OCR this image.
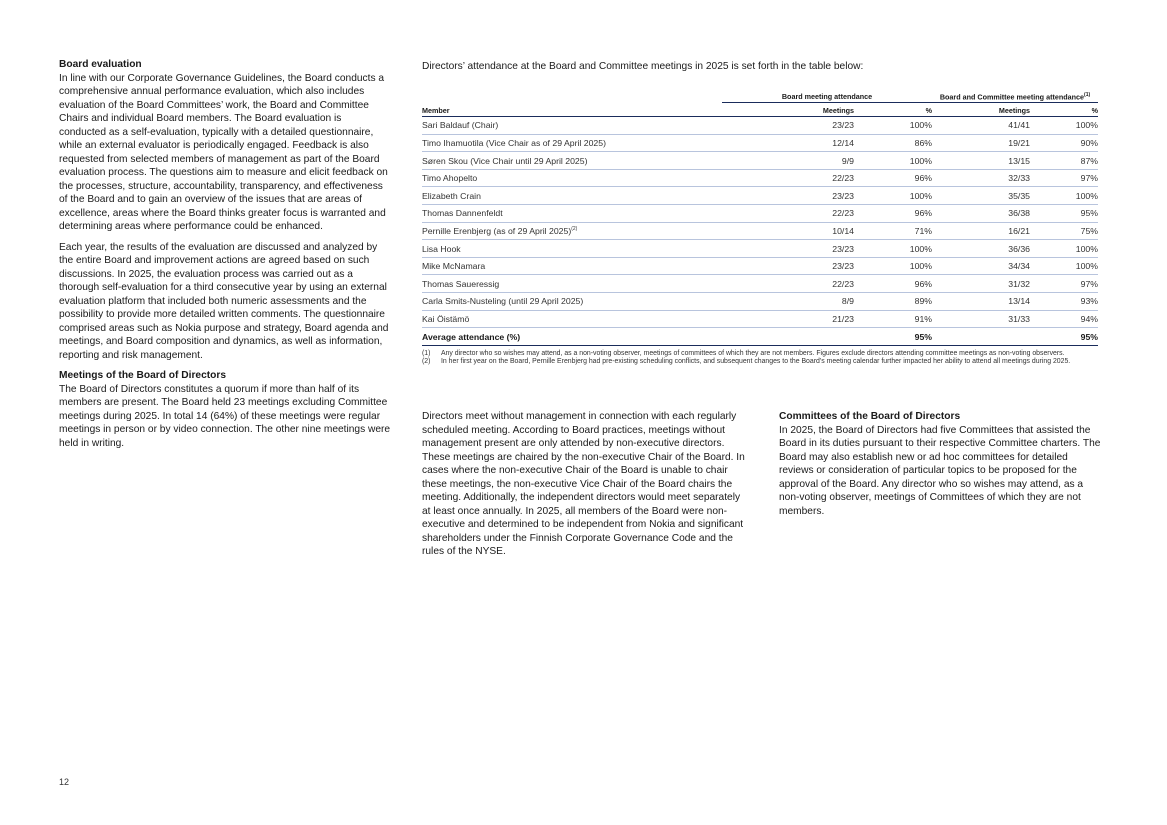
Board evaluation

In line with our Corporate Governance Guidelines, the Board conducts a comprehensive annual performance evaluation, which also includes evaluation of the Board Committees’ work, the Board and Committee Chairs and individual Board members. The Board evaluation is conducted as a self-evaluation, typically with a detailed questionnaire, while an external evaluator is periodically engaged. Feedback is also requested from selected members of management as part of the Board evaluation process. The questions aim to measure and elicit feedback on the processes, structure, accountability, transparency, and effectiveness of the Board and to gain an overview of the issues that are areas of excellence, areas where the Board thinks greater focus is warranted and determining areas where performance could be enhanced.

Each year, the results of the evaluation are discussed and analyzed by the entire Board and improvement actions are agreed based on such discussions. In 2025, the evaluation process was carried out as a thorough self-evaluation for a third consecutive year by using an external evaluation platform that included both numeric assessments and the possibility to provide more detailed written comments. The questionnaire comprised areas such as Nokia purpose and strategy, Board agenda and meetings, and Board composition and dynamics, as well as information, reporting and risk management.

Meetings of the Board of Directors

The Board of Directors constitutes a quorum if more than half of its members are present. The Board held 23 meetings excluding Committee meetings during 2025. In total 14 (64%) of these meetings were regular meetings in person or by video connection. The other nine meetings were held in writing.

Directors’ attendance at the Board and Committee meetings in 2025 is set forth in the table below:
	Board meeting attendance		Board and Committee meeting attendance$^{(1)}$
Member	Meetings	%	Meetings	%
Sari Baldauf (Chair)	23/23	100%	41/41	100%
Timo Ihamuotila (Vice Chair as of 29 April 2025)	12/14	86%	19/21	90%
Søren Skou (Vice Chair until 29 April 2025)	9/9	100%	13/15	87%
Timo Ahopelto	22/23	96%	32/33	97%
Elizabeth Crain	23/23	100%	35/35	100%
Thomas Dannenfeldt	22/23	96%	36/38	95%
Pernille Erenbjerg (as of 29 April 2025)$^{(2)}$	10/14	71%	16/21	75%
Lisa Hook	23/23	100%	36/36	100%
Mike McNamara	23/23	100%	34/34	100%
Thomas Saueressig	22/23	96%	31/32	97%
Carla Smits-Nusteling (until 29 April 2025)	8/9	89%	13/14	93%
Kai Öistämö	21/23	91%	31/33	94%
Average attendance (%)		95%		95%
(1)	Any director who so wishes may attend, as a non-voting observer, meetings of committees of which they are not members. Figures exclude directors attending committee meetings as non-voting observers.
(2)	In her first year on the Board, Pernille Erenbjerg had pre-existing scheduling conflicts, and subsequent changes to the Board’s meeting calendar further impacted her ability to attend all meetings during 2025.

Directors meet without management in connection with each regularly scheduled meeting. According to Board practices, meetings without management present are only attended by non-executive directors. These meetings are chaired by the non-executive Chair of the Board. In cases where the non-executive Chair of the Board is unable to chair these meetings, the non-executive Vice Chair of the Board chairs the meeting. Additionally, the independent directors would meet separately at least once annually. In 2025, all members of the Board were non-executive and determined to be independent from Nokia and significant shareholders under the Finnish Corporate Governance Code and the rules of the NYSE.

Committees of the Board of Directors

In 2025, the Board of Directors had five Committees that assisted the Board in its duties pursuant to their respective Committee charters. The Board may also establish new or ad hoc committees for detailed reviews or consideration of particular topics to be proposed for the approval of the Board. Any director who so wishes may attend, as a non-voting observer, meetings of Committees of which they are not members.

12
